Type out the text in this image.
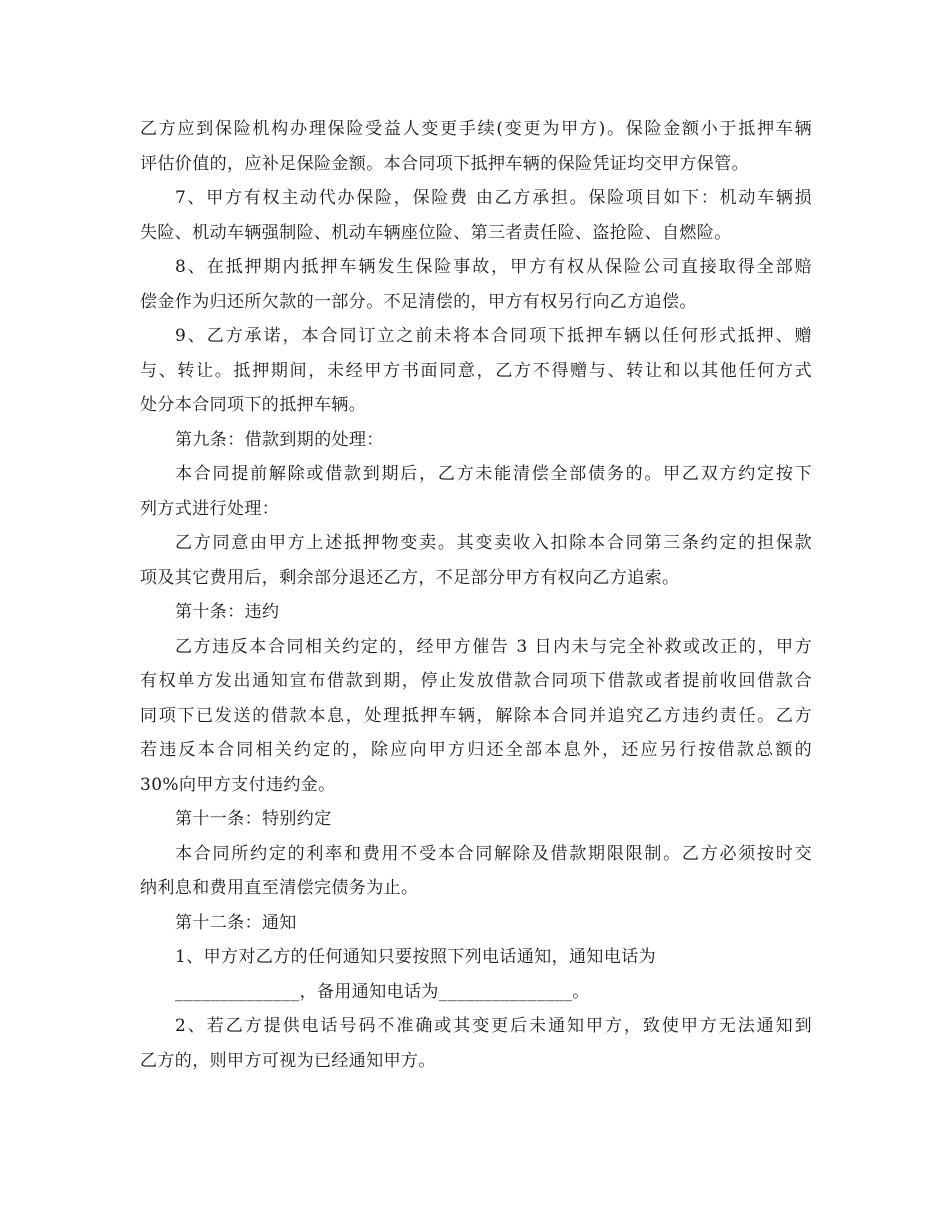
乙方应到保险机构办理保险受益人变更手续(变更为甲方)。保险金额小于抵押车辆
评估价值的，应补足保险金额。本合同项下抵押车辆的保险凭证均交甲方保管。
7、甲方有权主动代办保险，保险费 由乙方承担。保险项目如下：机动车辆损
失险、机动车辆强制险、机动车辆座位险、第三者责任险、盗抢险、自燃险。
8、在抵押期内抵押车辆发生保险事故，甲方有权从保险公司直接取得全部赔
偿金作为归还所欠款的一部分。不足清偿的，甲方有权另行向乙方追偿。
9、乙方承诺，本合同订立之前未将本合同项下抵押车辆以任何形式抵押、赠
与、转让。抵押期间，未经甲方书面同意，乙方不得赠与、转让和以其他任何方式
处分本合同项下的抵押车辆。
第九条：借款到期的处理：
本合同提前解除或借款到期后，乙方未能清偿全部债务的。甲乙双方约定按下
列方式进行处理：
乙方同意由甲方上述抵押物变卖。其变卖收入扣除本合同第三条约定的担保款
项及其它费用后，剩余部分退还乙方，不足部分甲方有权向乙方追索。
第十条：违约
乙方违反本合同相关约定的，经甲方催告 3 日内未与完全补救或改正的，甲方
有权单方发出通知宣布借款到期，停止发放借款合同项下借款或者提前收回借款合
同项下已发送的借款本息，处理抵押车辆，解除本合同并追究乙方违约责任。乙方
若违反本合同相关约定的，除应向甲方归还全部本息外，还应另行按借款总额的
30%向甲方支付违约金。
第十一条：特别约定
本合同所约定的利率和费用不受本合同解除及借款期限限制。乙方必须按时交
纳利息和费用直至清偿完债务为止。
第十二条：通知
1、甲方对乙方的任何通知只要按照下列电话通知，通知电话为
______________，备用通知电话为_______________。
2、若乙方提供电话号码不准确或其变更后未通知甲方，致使甲方无法通知到
乙方的，则甲方可视为已经通知甲方。
